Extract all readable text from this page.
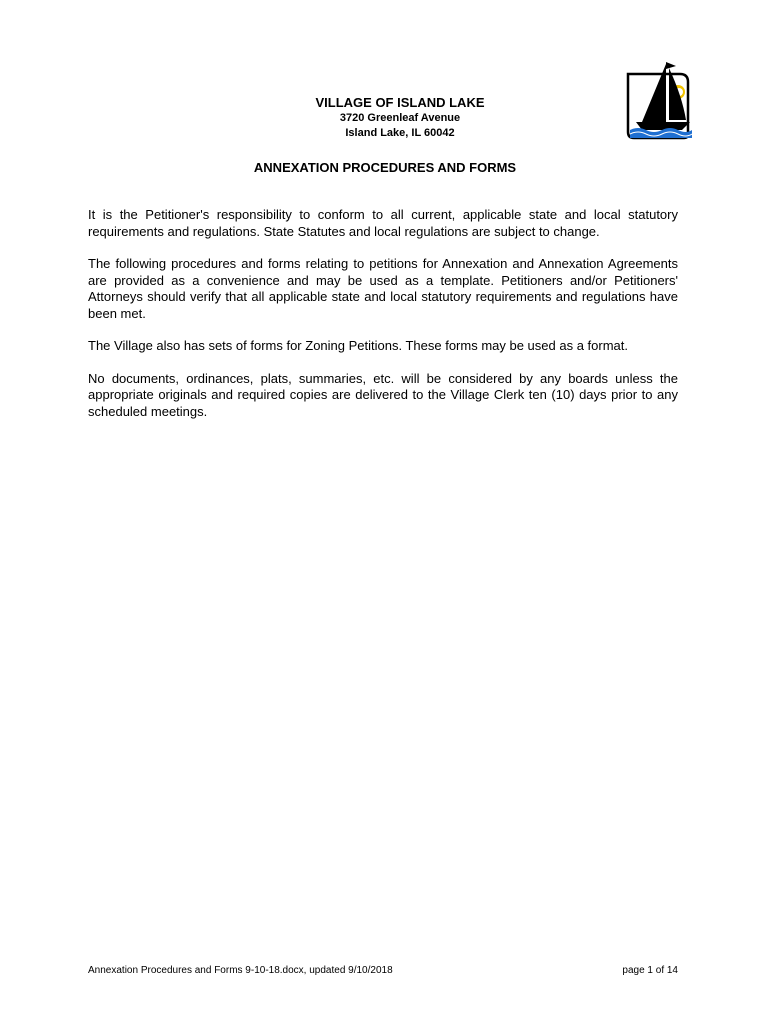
VILLAGE OF ISLAND LAKE

3720 Greenleaf Avenue

Island Lake, IL 60042

ANNEXATION PROCEDURES AND FORMS

It is the Petitioner's responsibility to conform to all current, applicable state and local statutory requirements and regulations. State Statutes and local regulations are subject to change.

The following procedures and forms relating to petitions for Annexation and Annexation Agreements are provided as a convenience and may be used as a template. Petitioners and/or Petitioners' Attorneys should verify that all applicable state and local statutory requirements and regulations have been met.

The Village also has sets of forms for Zoning Petitions. These forms may be used as a format.

No documents, ordinances, plats, summaries, etc. will be considered by any boards unless the appropriate originals and required copies are delivered to the Village Clerk ten (10) days prior to any scheduled meetings.

Annexation Procedures and Forms 9-10-18.docx, updated 9/10/2018	page 1 of 14
